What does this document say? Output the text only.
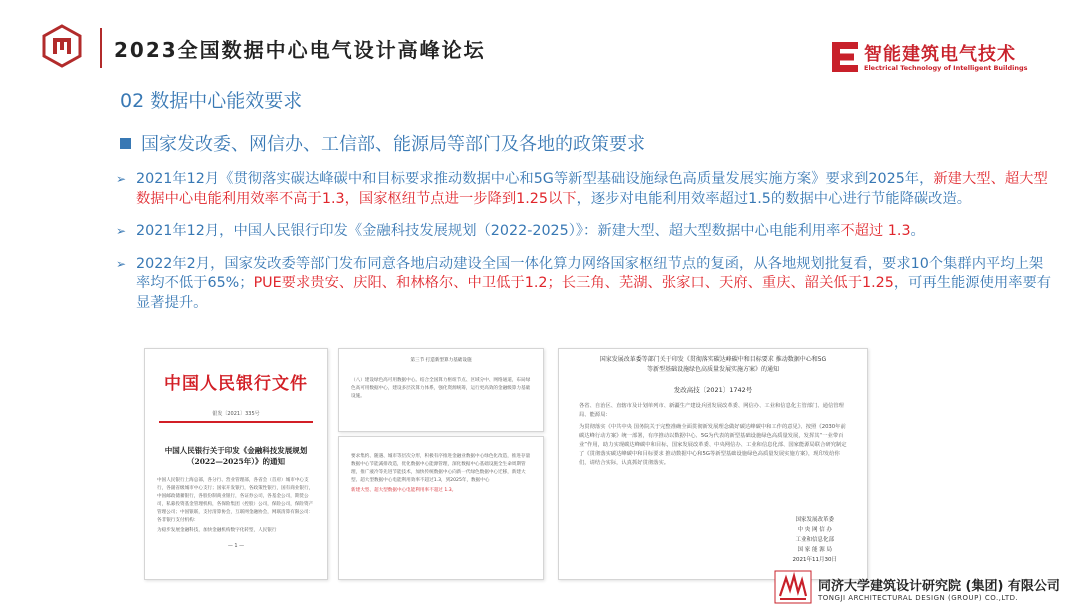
2023全国数据中心电气设计高峰论坛	智能建筑电气技术
Electrical Technology of Intelligent Buildings
02 数据中心能效要求
国家发改委、网信办、工信部、能源局等部门及各地的政策要求
➢ 2021年12月《贯彻落实碳达峰碳中和目标要求推动数据中心和5G等新型基础设施绿色高质量发展实施方案》要求到2025年，新建大型、超大型数据中心电能利用效率不高于1.3，国家枢纽节点进一步降到1.25以下，逐步对电能利用效率超过1.5的数据中心进行节能降碳改造。
➢ 2021年12月，中国人民银行印发《金融科技发展规划（2022-2025）》：新建大型、超大型数据中心电能利用率不超过 1.3。
➢ 2022年2月，国家发改委等部门发布同意各地启动建设全国一体化算力网络国家枢纽节点的复函，从各地规划批复看，要求10个集群内平均上架率均不低于65%；PUE要求贵安、庆阳、和林格尔、中卫低于1.2；长三角、芜湖、张家口、天府、重庆、韶关低于1.25，可再生能源使用率要有显著提升。
中国人民银行文件
银发〔2021〕335号
中国人民银行关于印发《金融科技发展规划（2022—2025年）》的通知
中国人民银行上海总部，各分行、营业管理部，各省会（首府）城市中心支行，各副省级城市中心支行；国家开发银行，各政策性银行，国有商业银行，中国邮政储蓄银行，各股份制商业银行，各证券公司，各基金公司，期货公司，私募投资基金管理机构，各保险集团（控股）公司，保险公司，保险资产管理公司；中国银联，支付清算协会，互联网金融协会，网联清算有限公司：各非银行支付机构：
为稳步发展金融科技，加快金融机构数字化转型，人民银行
— 1 —
第三节 打造新型算力基础设施
（八）建设绿色高可用数据中心。结合全国算力枢纽节点、区域分中、网络通道，布局绿色高可用数据中心，建设多层次算力体系，强化资源统筹，运行更高效的金融级算力基础设施。
要求集约、随遇、城市等层次分形，积极有序推进金融业数据中心绿色化改造，推进存量数据中心节能减排改造，优化数据中心能源管理，深化数据中心基础设施全生命周期管理，推广液冷等先进节能技术，加快传统数据中心向新一代绿色数据中心迁移，新建大型、超大型数据中心电能利用效率不超过1.3，到2025年，数据中心
新建大型、超大型数据中心电能利用率不超过 1.3。
国家发展改革委等部门关于印发《贯彻落实碳达峰碳中和目标要求 推动数据中心和5G等新型基础设施绿色高质量发展实施方案》的通知
发改高技〔2021〕1742号
各省、自治区、直辖市及计划单列市、新疆生产建设兵团发展改革委、网信办、工业和信息化主管部门、通信管理局、能源局：
为贯彻落实《中共中央 国务院关于完整准确全面贯彻新发展理念做好碳达峰碳中和工作的意见》、按照《2030年前碳达峰行动方案》统一部署，有序推动以数据中心、5G为代表的新型基础设施绿色高质量发展，发挥其“一业带百业”作用，助力实现碳达峰碳中和目标，国家发展改革委、中央网信办、工业和信息化部、国家能源局联合研究制定了《贯彻落实碳达峰碳中和目标要求 推动数据中心和5G等新型基础设施绿色高质量发展实施方案》，现印发给你们，请结合实际，认真抓好贯彻落实。
国家发展改革委
中 央 网 信 办
工业和信息化部
国 家 能 源 局
2021年11月30日
同济大学建筑设计研究院 (集团) 有限公司
TONGJI ARCHITECTURAL DESIGN (GROUP) CO.,LTD.
